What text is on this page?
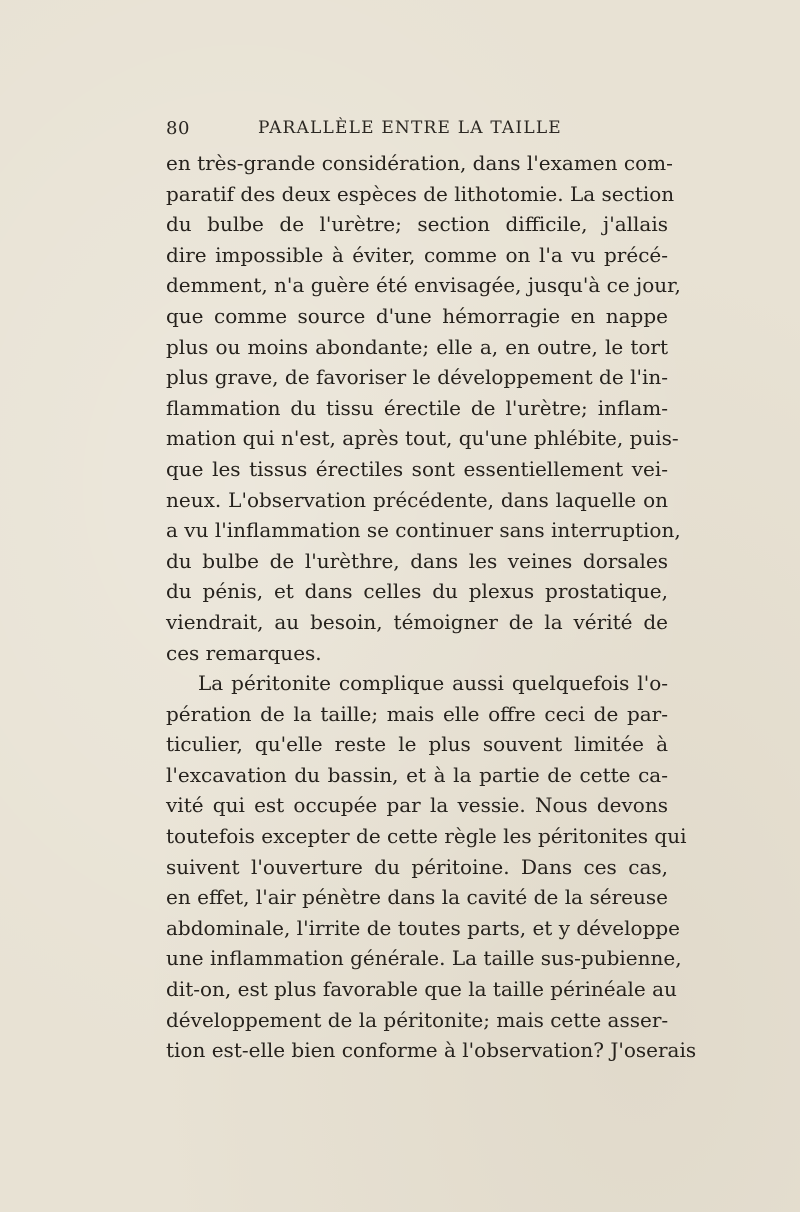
80	PARALLÈLE ENTRE LA TAILLE
en très-grande considération, dans l'examen com-
paratif des deux espèces de lithotomie. La section
du bulbe de l'urètre; section difficile, j'allais
dire impossible à éviter, comme on l'a vu précé-
demment, n'a guère été envisagée, jusqu'à ce jour,
que comme source d'une hémorragie en nappe
plus ou moins abondante; elle a, en outre, le tort
plus grave, de favoriser le développement de l'in-
flammation du tissu érectile de l'urètre; inflam-
mation qui n'est, après tout, qu'une phlébite, puis-
que les tissus érectiles sont essentiellement vei-
neux. L'observation précédente, dans laquelle on
a vu l'inflammation se continuer sans interruption,
du bulbe de l'urèthre, dans les veines dorsales
du pénis, et dans celles du plexus prostatique,
viendrait, au besoin, témoigner de la vérité de
ces remarques.
La péritonite complique aussi quelquefois l'o-
pération de la taille; mais elle offre ceci de par-
ticulier, qu'elle reste le plus souvent limitée à
l'excavation du bassin, et à la partie de cette ca-
vité qui est occupée par la vessie. Nous devons
toutefois excepter de cette règle les péritonites qui
suivent l'ouverture du péritoine. Dans ces cas,
en effet, l'air pénètre dans la cavité de la séreuse
abdominale, l'irrite de toutes parts, et y développe
une inflammation générale. La taille sus-pubienne,
dit-on, est plus favorable que la taille périnéale au
développement de la péritonite; mais cette asser-
tion est-elle bien conforme à l'observation? J'oserais
